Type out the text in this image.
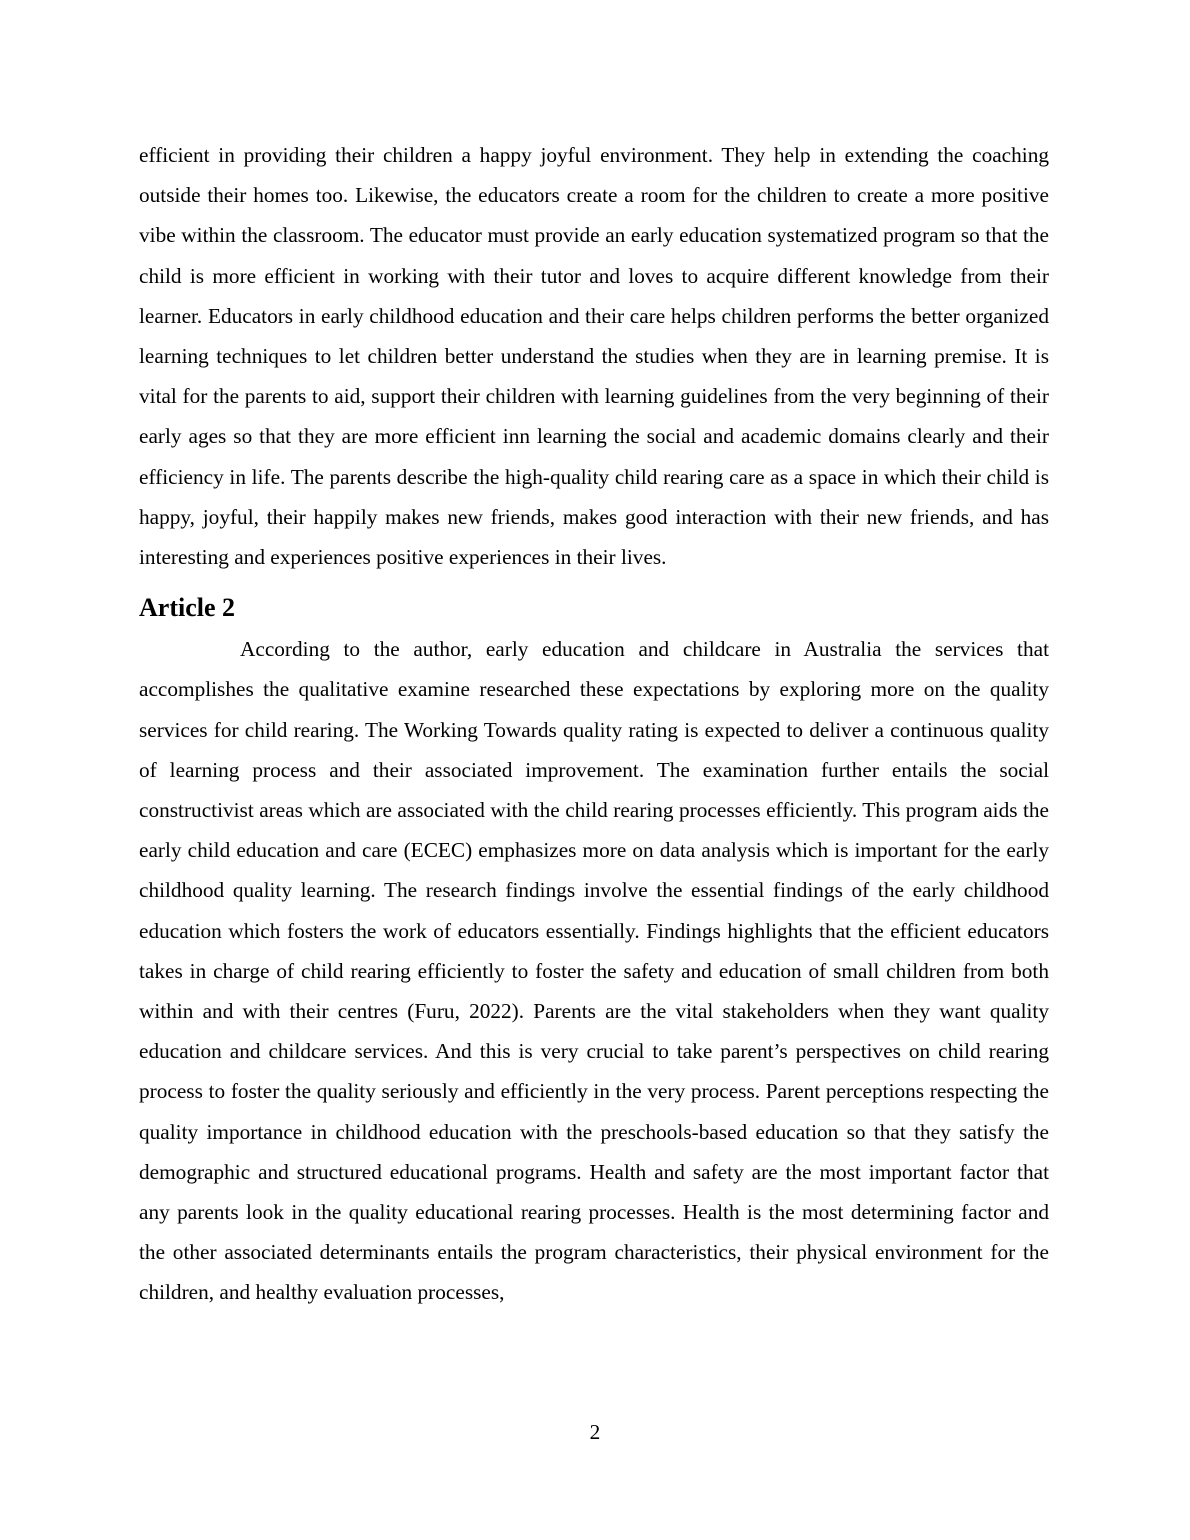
efficient in providing their children a happy joyful environment. They help in extending the coaching outside their homes too. Likewise, the educators create a room for the children to create a more positive vibe within the classroom. The educator must provide an early education systematized program so that the child is more efficient in working with their tutor and loves to acquire different knowledge from their learner. Educators in early childhood education and their care helps children performs the better organized learning techniques to let children better understand the studies when they are in learning premise. It is vital for the parents to aid, support their children with learning guidelines from the very beginning of their early ages so that they are more efficient inn learning the social and academic domains clearly and their efficiency in life. The parents describe the high-quality child rearing care as a space in which their child is happy, joyful, their happily makes new friends, makes good interaction with their new friends, and has interesting and experiences positive experiences in their lives.

Article 2

According to the author, early education and childcare in Australia the services that accomplishes the qualitative examine researched these expectations by exploring more on the quality services for child rearing. The Working Towards quality rating is expected to deliver a continuous quality of learning process and their associated improvement. The examination further entails the social constructivist areas which are associated with the child rearing processes efficiently. This program aids the early child education and care (ECEC) emphasizes more on data analysis which is important for the early childhood quality learning. The research findings involve the essential findings of the early childhood education which fosters the work of educators essentially. Findings highlights that the efficient educators takes in charge of child rearing efficiently to foster the safety and education of small children from both within and with their centres (Furu, 2022). Parents are the vital stakeholders when they want quality education and childcare services. And this is very crucial to take parent’s perspectives on child rearing process to foster the quality seriously and efficiently in the very process. Parent perceptions respecting the quality importance in childhood education with the preschools-based education so that they satisfy the demographic and structured educational programs. Health and safety are the most important factor that any parents look in the quality educational rearing processes. Health is the most determining factor and the other associated determinants entails the program characteristics, their physical environment for the children, and healthy evaluation processes,

2
